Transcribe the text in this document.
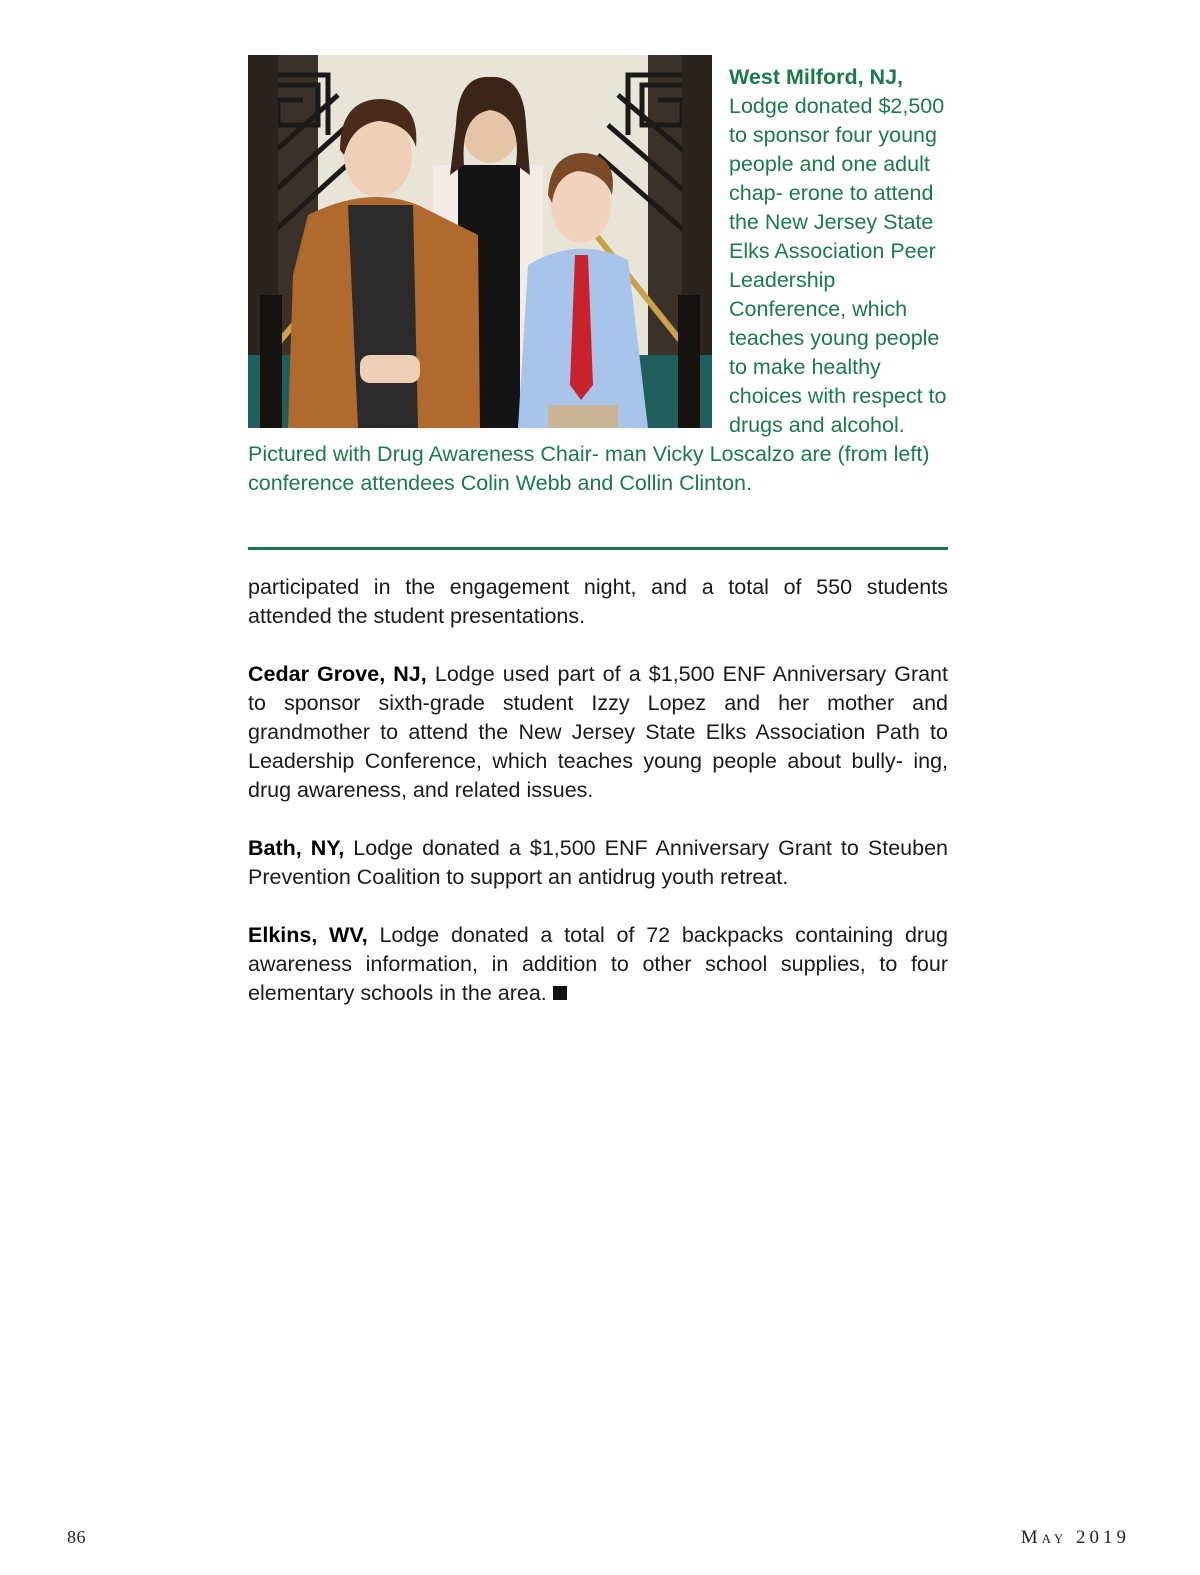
West Milford, NJ,

Lodge donated $2,500 to sponsor four young people and one adult chap- erone to attend the New Jersey State Elks Association Peer Leadership Conference, which teaches young people to make healthy choices with respect to drugs and alcohol. Pictured with Drug Awareness Chair- man Vicky Loscalzo are (from left) conference attendees Colin Webb and Collin Clinton.

participated in the engagement night, and a total of 550 students attended the student presentations.

Cedar Grove, NJ, Lodge used part of a $1,500 ENF Anniversary Grant to sponsor sixth-grade student Izzy Lopez and her mother and grandmother to attend the New Jersey State Elks Association Path to Leadership Conference, which teaches young people about bully- ing, drug awareness, and related issues.

Bath, NY, Lodge donated a $1,500 ENF Anniversary Grant to Steuben Prevention Coalition to support an antidrug youth retreat.

Elkins, WV, Lodge donated a total of 72 backpacks containing drug awareness information, in addition to other school supplies, to four elementary schools in the area.

86	May 2019
